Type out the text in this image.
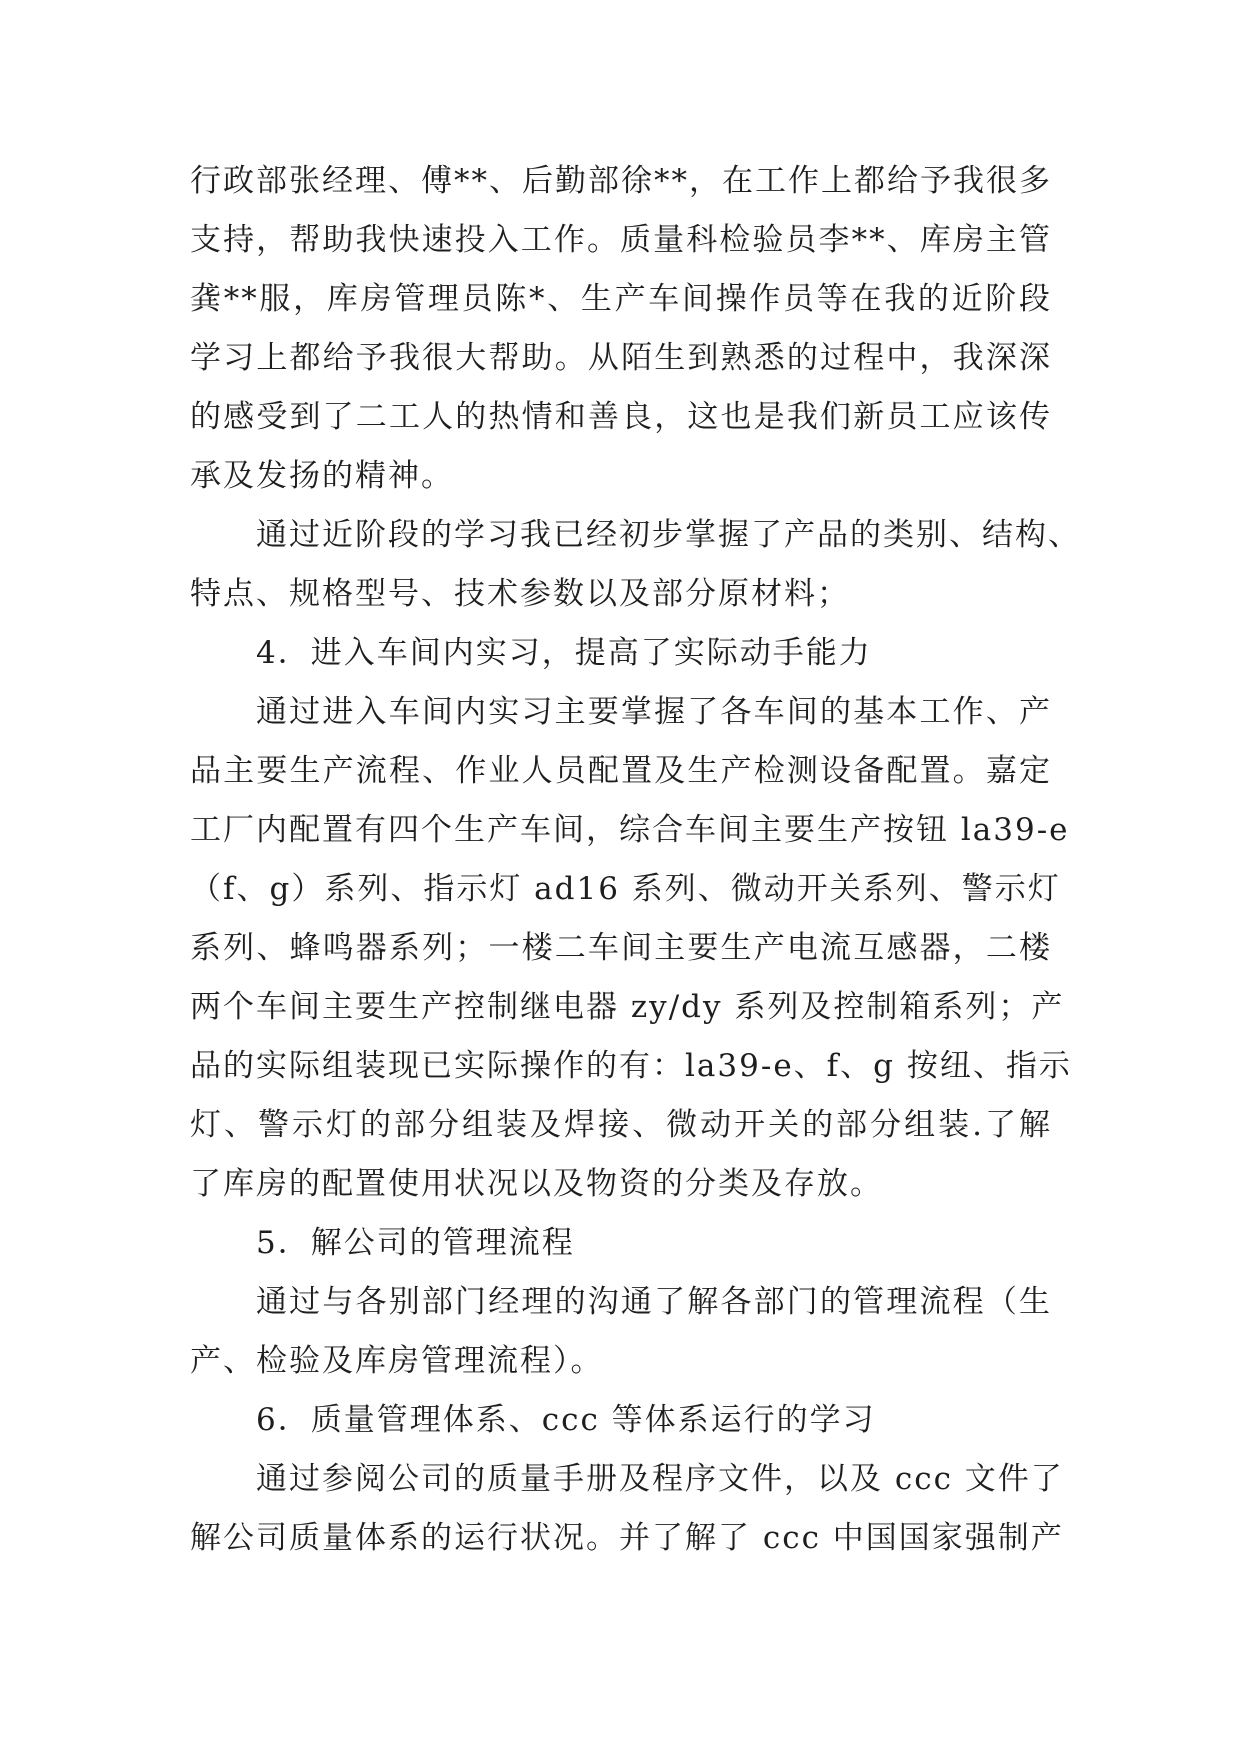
行政部张经理、傅**、后勤部徐**，在工作上都给予我很多
支持，帮助我快速投入工作。质量科检验员李**、库房主管
龚**服，库房管理员陈*、生产车间操作员等在我的近阶段
学习上都给予我很大帮助。从陌生到熟悉的过程中，我深深
的感受到了二工人的热情和善良，这也是我们新员工应该传
承及发扬的精神。
通过近阶段的学习我已经初步掌握了产品的类别、结构、
特点、规格型号、技术参数以及部分原材料；
4．进入车间内实习，提高了实际动手能力
通过进入车间内实习主要掌握了各车间的基本工作、产
品主要生产流程、作业人员配置及生产检测设备配置。嘉定
工厂内配置有四个生产车间，综合车间主要生产按钮 la39-e
（f、g）系列、指示灯 ad16 系列、微动开关系列、警示灯
系列、蜂鸣器系列；一楼二车间主要生产电流互感器，二楼
两个车间主要生产控制继电器 zy/dy 系列及控制箱系列；产
品的实际组装现已实际操作的有：la39-e、f、g 按纽、指示
灯、警示灯的部分组装及焊接、微动开关的部分组装.了解
了库房的配置使用状况以及物资的分类及存放。
5．解公司的管理流程
通过与各别部门经理的沟通了解各部门的管理流程（生
产、检验及库房管理流程）。
6．质量管理体系、ccc 等体系运行的学习
通过参阅公司的质量手册及程序文件，以及 ccc 文件了
解公司质量体系的运行状况。并了解了 ccc 中国国家强制产
